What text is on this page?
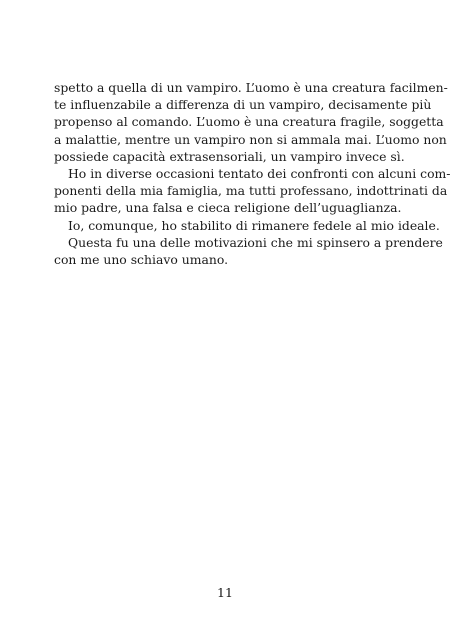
spetto a quella di un vampiro. L’uomo è una creatura facilmen-
te influenzabile a differenza di un vampiro, decisamente più
propenso al comando. L’uomo è una creatura fragile, soggetta
a malattie, mentre un vampiro non si ammala mai. L’uomo non
possiede capacità extrasensoriali, un vampiro invece sì.
Ho in diverse occasioni tentato dei confronti con alcuni com-
ponenti della mia famiglia, ma tutti professano, indottrinati da
mio padre, una falsa e cieca religione dell’uguaglianza.
Io, comunque, ho stabilito di rimanere fedele al mio ideale.
Questa fu una delle motivazioni che mi spinsero a prendere
con me uno schiavo umano.
11
